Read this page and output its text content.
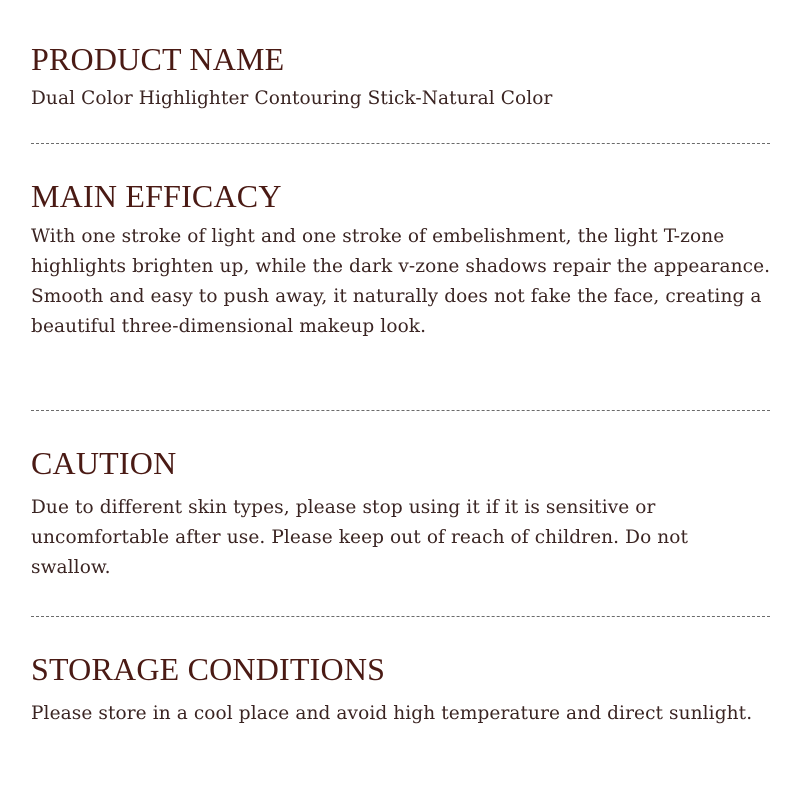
PRODUCT NAME

Dual Color Highlighter Contouring Stick-Natural Color

MAIN EFFICACY

With one stroke of light and one stroke of embelishment, the light T-zone highlights brighten up, while the dark v-zone shadows repair the appearance. Smooth and easy to push away, it naturally does not fake the face, creating a beautiful three-dimensional makeup look.

CAUTION

Due to different skin types, please stop using it if it is sensitive or uncomfortable after use. Please keep out of reach of children. Do not swallow.

STORAGE CONDITIONS

Please store in a cool place and avoid high temperature and direct sunlight.
